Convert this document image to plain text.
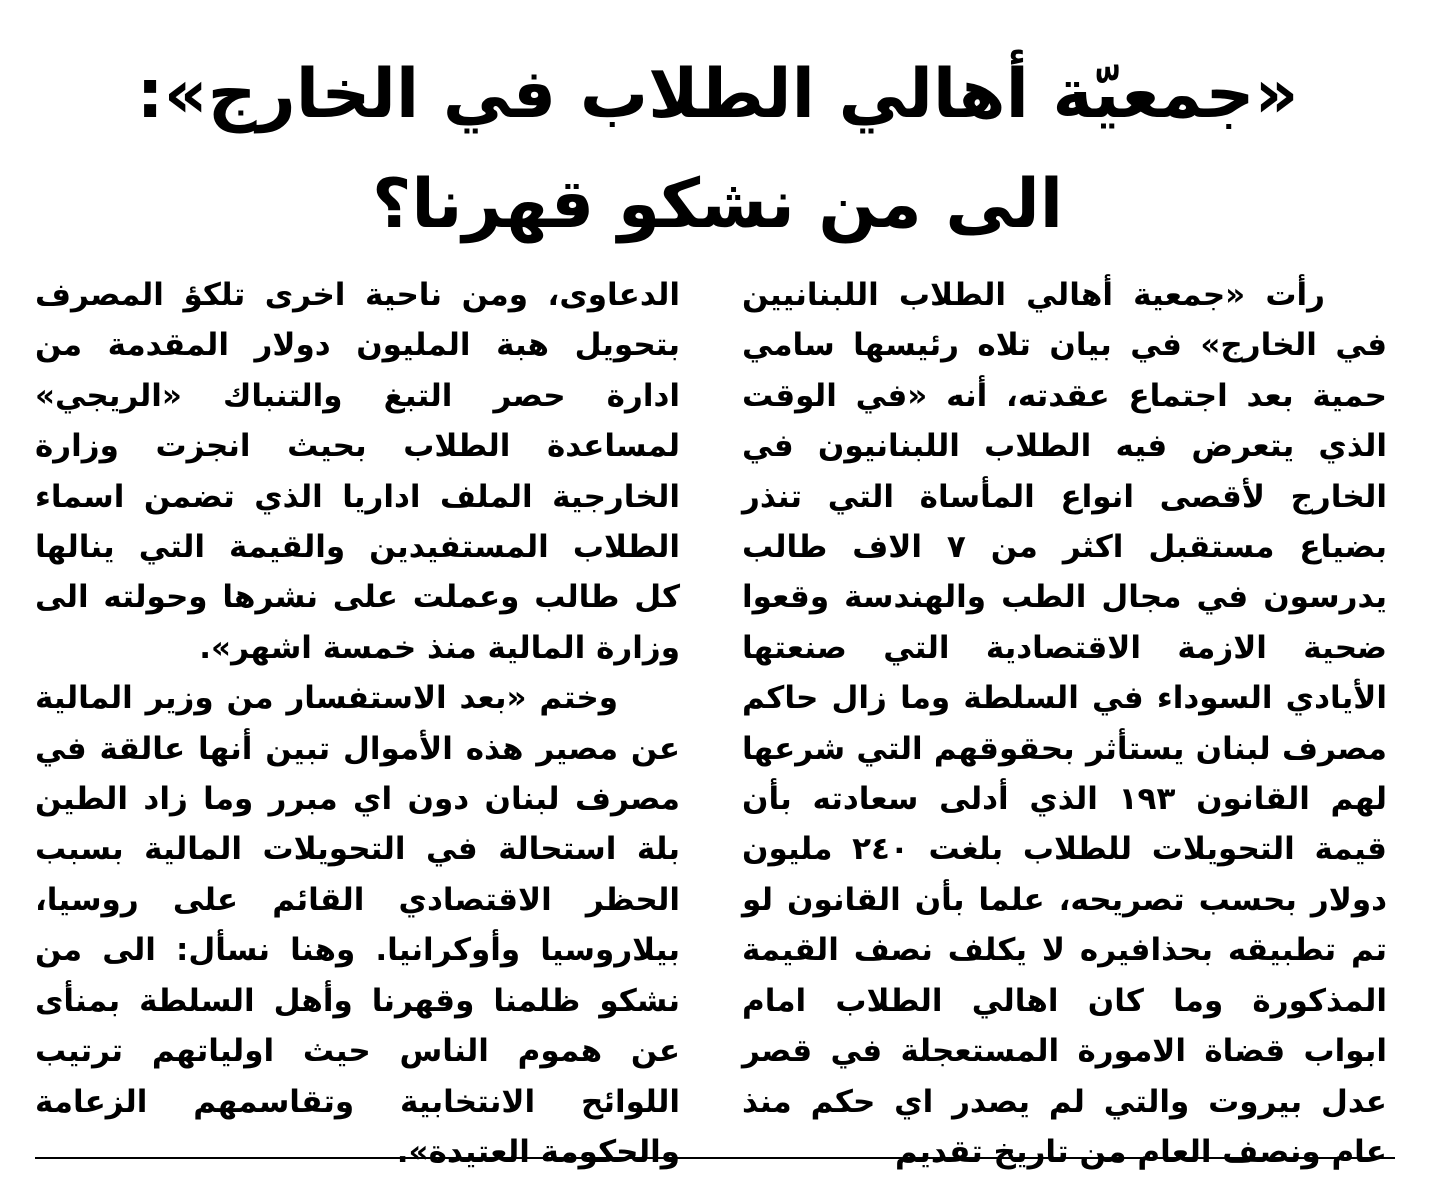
«جمعيّة أهالي الطلاب في الخارج»:
الى من نشكو قهرنا؟

رأت «جمعية أهالي الطلاب اللبنانيين في الخارج» في بيان تلاه رئيسها سامي حمية بعد اجتماع عقدته، أنه «في الوقت الذي يتعرض فيه الطلاب اللبنانيون في الخارج لأقصى انواع المأساة التي تنذر بضياع مستقبل اكثر من ٧ الاف طالب يدرسون في مجال الطب والهندسة وقعوا ضحية الازمة الاقتصادية التي صنعتها الأيادي السوداء في السلطة وما زال حاكم مصرف لبنان يستأثر بحقوقهم التي شرعها لهم القانون ١٩٣ الذي أدلى سعادته بأن قيمة التحويلات للطلاب بلغت ٢٤٠ مليون دولار بحسب تصريحه، علما بأن القانون لو تم تطبيقه بحذافيره لا يكلف نصف القيمة المذكورة وما كان اهالي الطلاب امام ابواب قضاة الامورة المستعجلة في قصر عدل بيروت والتي لم يصدر اي حكم منذ عام ونصف العام من تاريخ تقديم

الدعاوى، ومن ناحية اخرى تلكؤ المصرف بتحويل هبة المليون دولار المقدمة من ادارة حصر التبغ والتنباك «الريجي» لمساعدة الطلاب بحيث انجزت وزارة الخارجية الملف اداريا الذي تضمن اسماء الطلاب المستفيدين والقيمة التي ينالها كل طالب وعملت على نشرها وحولته الى وزارة المالية منذ خمسة اشهر».

وختم «بعد الاستفسار من وزير المالية عن مصير هذه الأموال تبين أنها عالقة في مصرف لبنان دون اي مبرر وما زاد الطين بلة استحالة في التحويلات المالية بسبب الحظر الاقتصادي القائم على روسيا، بيلاروسيا وأوكرانيا. وهنا نسأل: الى من نشكو ظلمنا وقهرنا وأهل السلطة بمنأى عن هموم الناس حيث اولياتهم ترتيب اللوائح الانتخابية وتقاسمهم الزعامة والحكومة العتيدة».
